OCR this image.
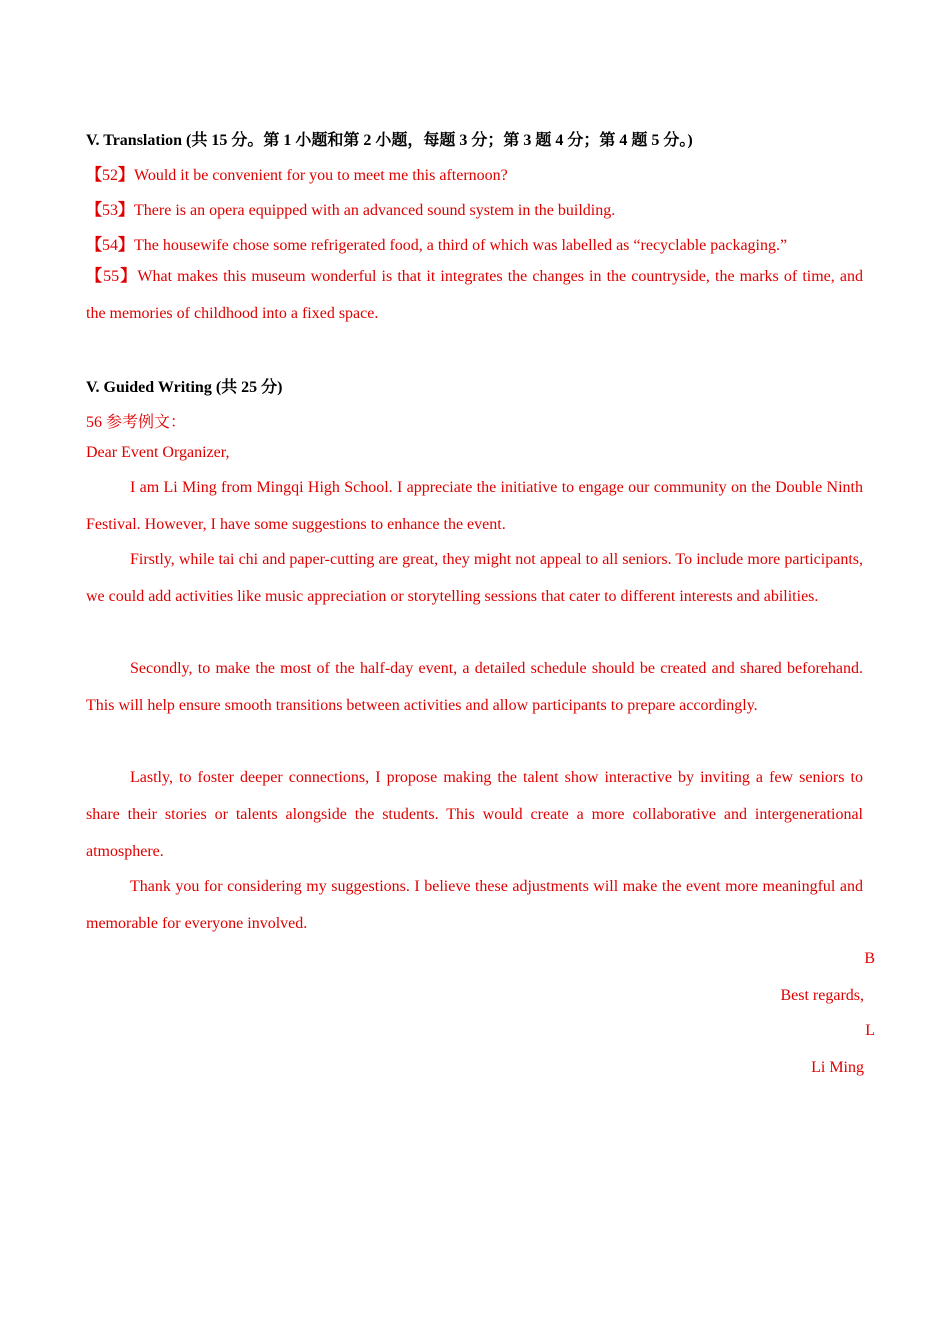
V. Translation (共 15 分。第 1 小题和第 2 小题，每题 3 分；第 3 题 4 分；第 4 题 5 分。)
【52】Would it be convenient for you to meet me this afternoon?
【53】There is an opera equipped with an advanced sound system in the building.
【54】The housewife chose some refrigerated food, a third of which was labelled as “recyclable packaging.”
【55】What makes this museum wonderful is that it integrates the changes in the countryside, the marks of time, and the memories of childhood into a fixed space.
V. Guided Writing (共 25 分)
56 参考例文：
Dear Event Organizer,
I am Li Ming from Mingqi High School. I appreciate the initiative to engage our community on the Double Ninth Festival. However, I have some suggestions to enhance the event.
Firstly, while tai chi and paper-cutting are great, they might not appeal to all seniors. To include more participants, we could add activities like music appreciation or storytelling sessions that cater to different interests and abilities.
Secondly, to make the most of the half-day event, a detailed schedule should be created and shared beforehand. This will help ensure smooth transitions between activities and allow participants to prepare accordingly.
Lastly, to foster deeper connections, I propose making the talent show interactive by inviting a few seniors to share their stories or talents alongside the students. This would create a more collaborative and intergenerational atmosphere.
Thank you for considering my suggestions. I believe these adjustments will make the event more meaningful and memorable for everyone involved.
B
Best regards,
L
Li Ming
